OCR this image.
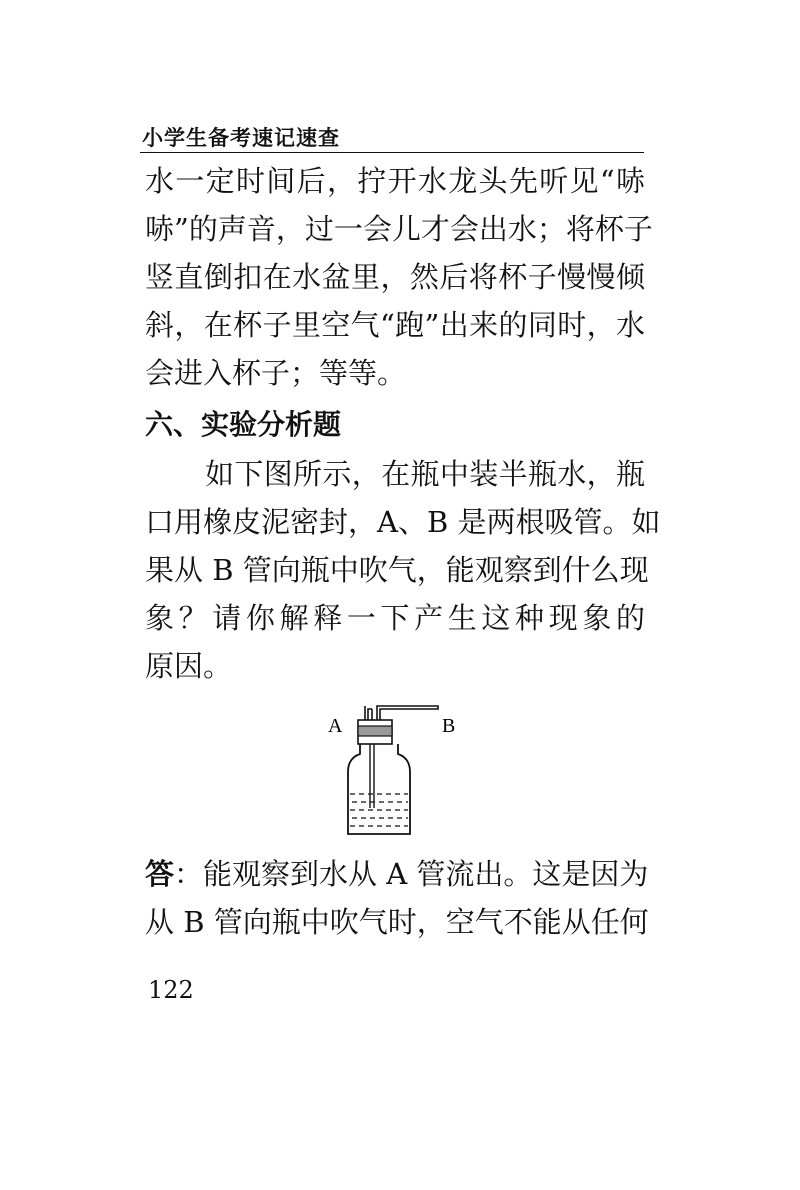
小学生备考速记速查
水一定时间后，拧开水龙头先听见“哧
哧”的声音，过一会儿才会出水；将杯子
竖直倒扣在水盆里，然后将杯子慢慢倾
斜，在杯子里空气“跑”出来的同时，水
会进入杯子；等等。
六、实验分析题
如下图所示，在瓶中装半瓶水，瓶
口用橡皮泥密封，A、B 是两根吸管。如
果从 B 管向瓶中吹气，能观察到什么现
象？请你解释一下产生这种现象的
原因。
A	B
答：能观察到水从 A 管流出。这是因为
从 B 管向瓶中吹气时，空气不能从任何
122
